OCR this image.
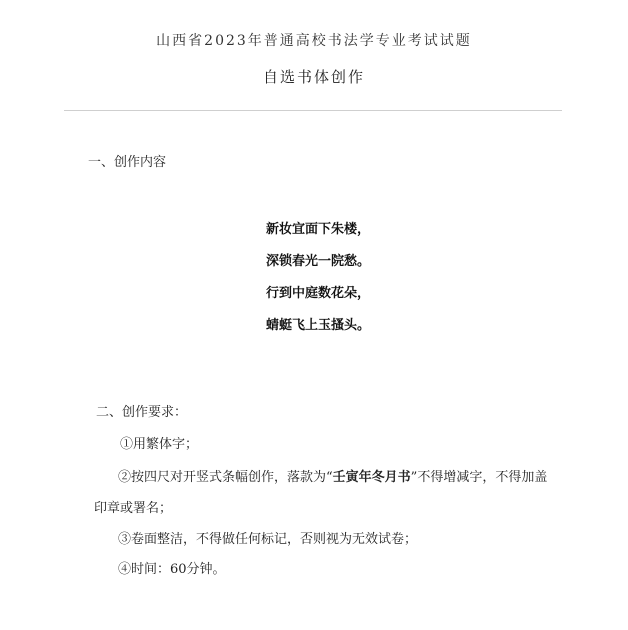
山西省2023年普通高校书法学专业考试试题
自选书体创作
一、创作内容
新妆宜面下朱楼，
深锁春光一院愁。
行到中庭数花朵，
蜻蜓飞上玉搔头。
二、创作要求：
①用繁体字；
②按四尺对开竖式条幅创作，落款为“壬寅年冬月书”不得增减字，不得加盖
印章或署名；
③卷面整洁，不得做任何标记，否则视为无效试卷；
④时间：60分钟。
